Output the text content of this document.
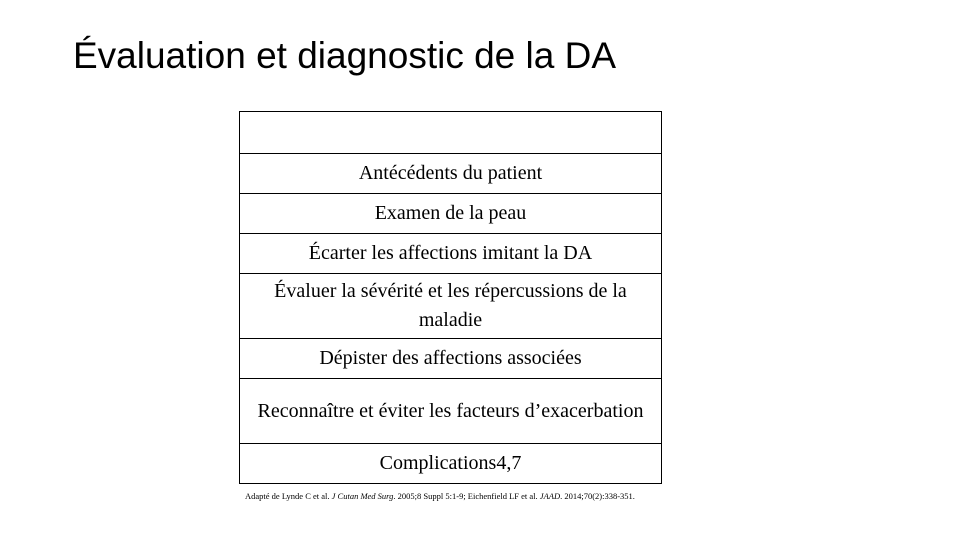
Évaluation et diagnostic de la DA
Antécédents du patient
Examen de la peau
Écarter les affections imitant la DA
Évaluer la sévérité et les répercussions de la maladie
Dépister des affections associées
Reconnaître et éviter les facteurs d’exacerbation
Complications4,7
Adapté de Lynde C et al. J Cutan Med Surg. 2005;8 Suppl 5:1-9; Eichenfield LF et al. JAAD. 2014;70(2):338-351.
